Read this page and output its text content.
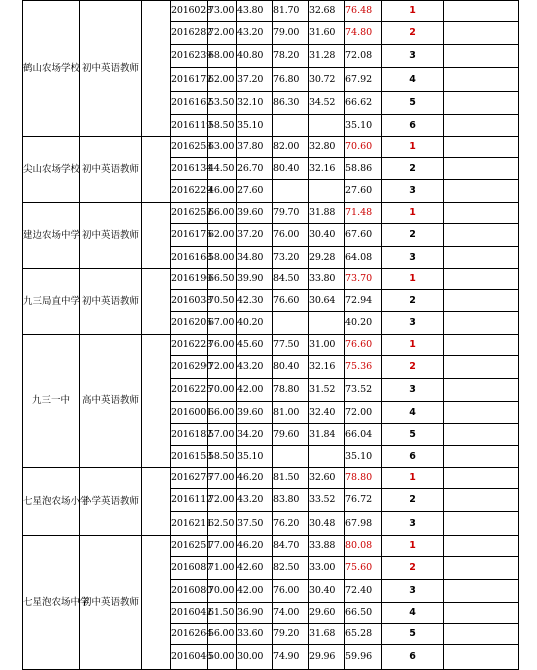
鹤山农场学校	初中英语教师		2016028	73.00	43.80	81.70	32.68	76.48	1	
			2016282	72.00	43.20	79.00	31.60	74.80	2	
			2016239	68.00	40.80	78.20	31.28	72.08	3	
			2016172	62.00	37.20	76.80	30.72	67.92	4	
			2016162	53.50	32.10	86.30	34.52	66.62	5	
			2016119	58.50	35.10			35.10	6	
尖山农场学校	初中英语教师		2016253	63.00	37.80	82.00	32.80	70.60	1	
			2016134	44.50	26.70	80.40	32.16	58.86	2	
			2016229	46.00	27.60			27.60	3	
建边农场中学	初中英语教师		2016252	66.00	39.60	79.70	31.88	71.48	1	
			2016175	62.00	37.20	76.00	30.40	67.60	2	
			2016168	58.00	34.80	73.20	29.28	64.08	3	
九三局直中学	初中英语教师		2016190	66.50	39.90	84.50	33.80	73.70	1	
			2016038	70.50	42.30	76.60	30.64	72.94	2	
			2016205	67.00	40.20			40.20	3	
九三一中	高中英语教师		2016223	76.00	45.60	77.50	31.00	76.60	1	
			2016290	72.00	43.20	80.40	32.16	75.36	2	
			2016225	70.00	42.00	78.80	31.52	73.52	3	
			2016001	66.00	39.60	81.00	32.40	72.00	4	
			2016182	57.00	34.20	79.60	31.84	66.04	5	
			2016153	58.50	35.10			35.10	6	
七星泡农场小学	小学英语教师		2016276	77.00	46.20	81.50	32.60	78.80	1	
			2016112	72.00	43.20	83.80	33.52	76.72	2	
			2016211	62.50	37.50	76.20	30.48	67.98	3	
七星泡农场中学	初中英语教师		2016251	77.00	46.20	84.70	33.88	80.08	1	
			2016087	71.00	42.60	82.50	33.00	75.60	2	
			2016080	70.00	42.00	76.00	30.40	72.40	3	
			2016042	61.50	36.90	74.00	29.60	66.50	4	
			2016264	56.00	33.60	79.20	31.68	65.28	5	
			2016046	50.00	30.00	74.90	29.96	59.96	6	
